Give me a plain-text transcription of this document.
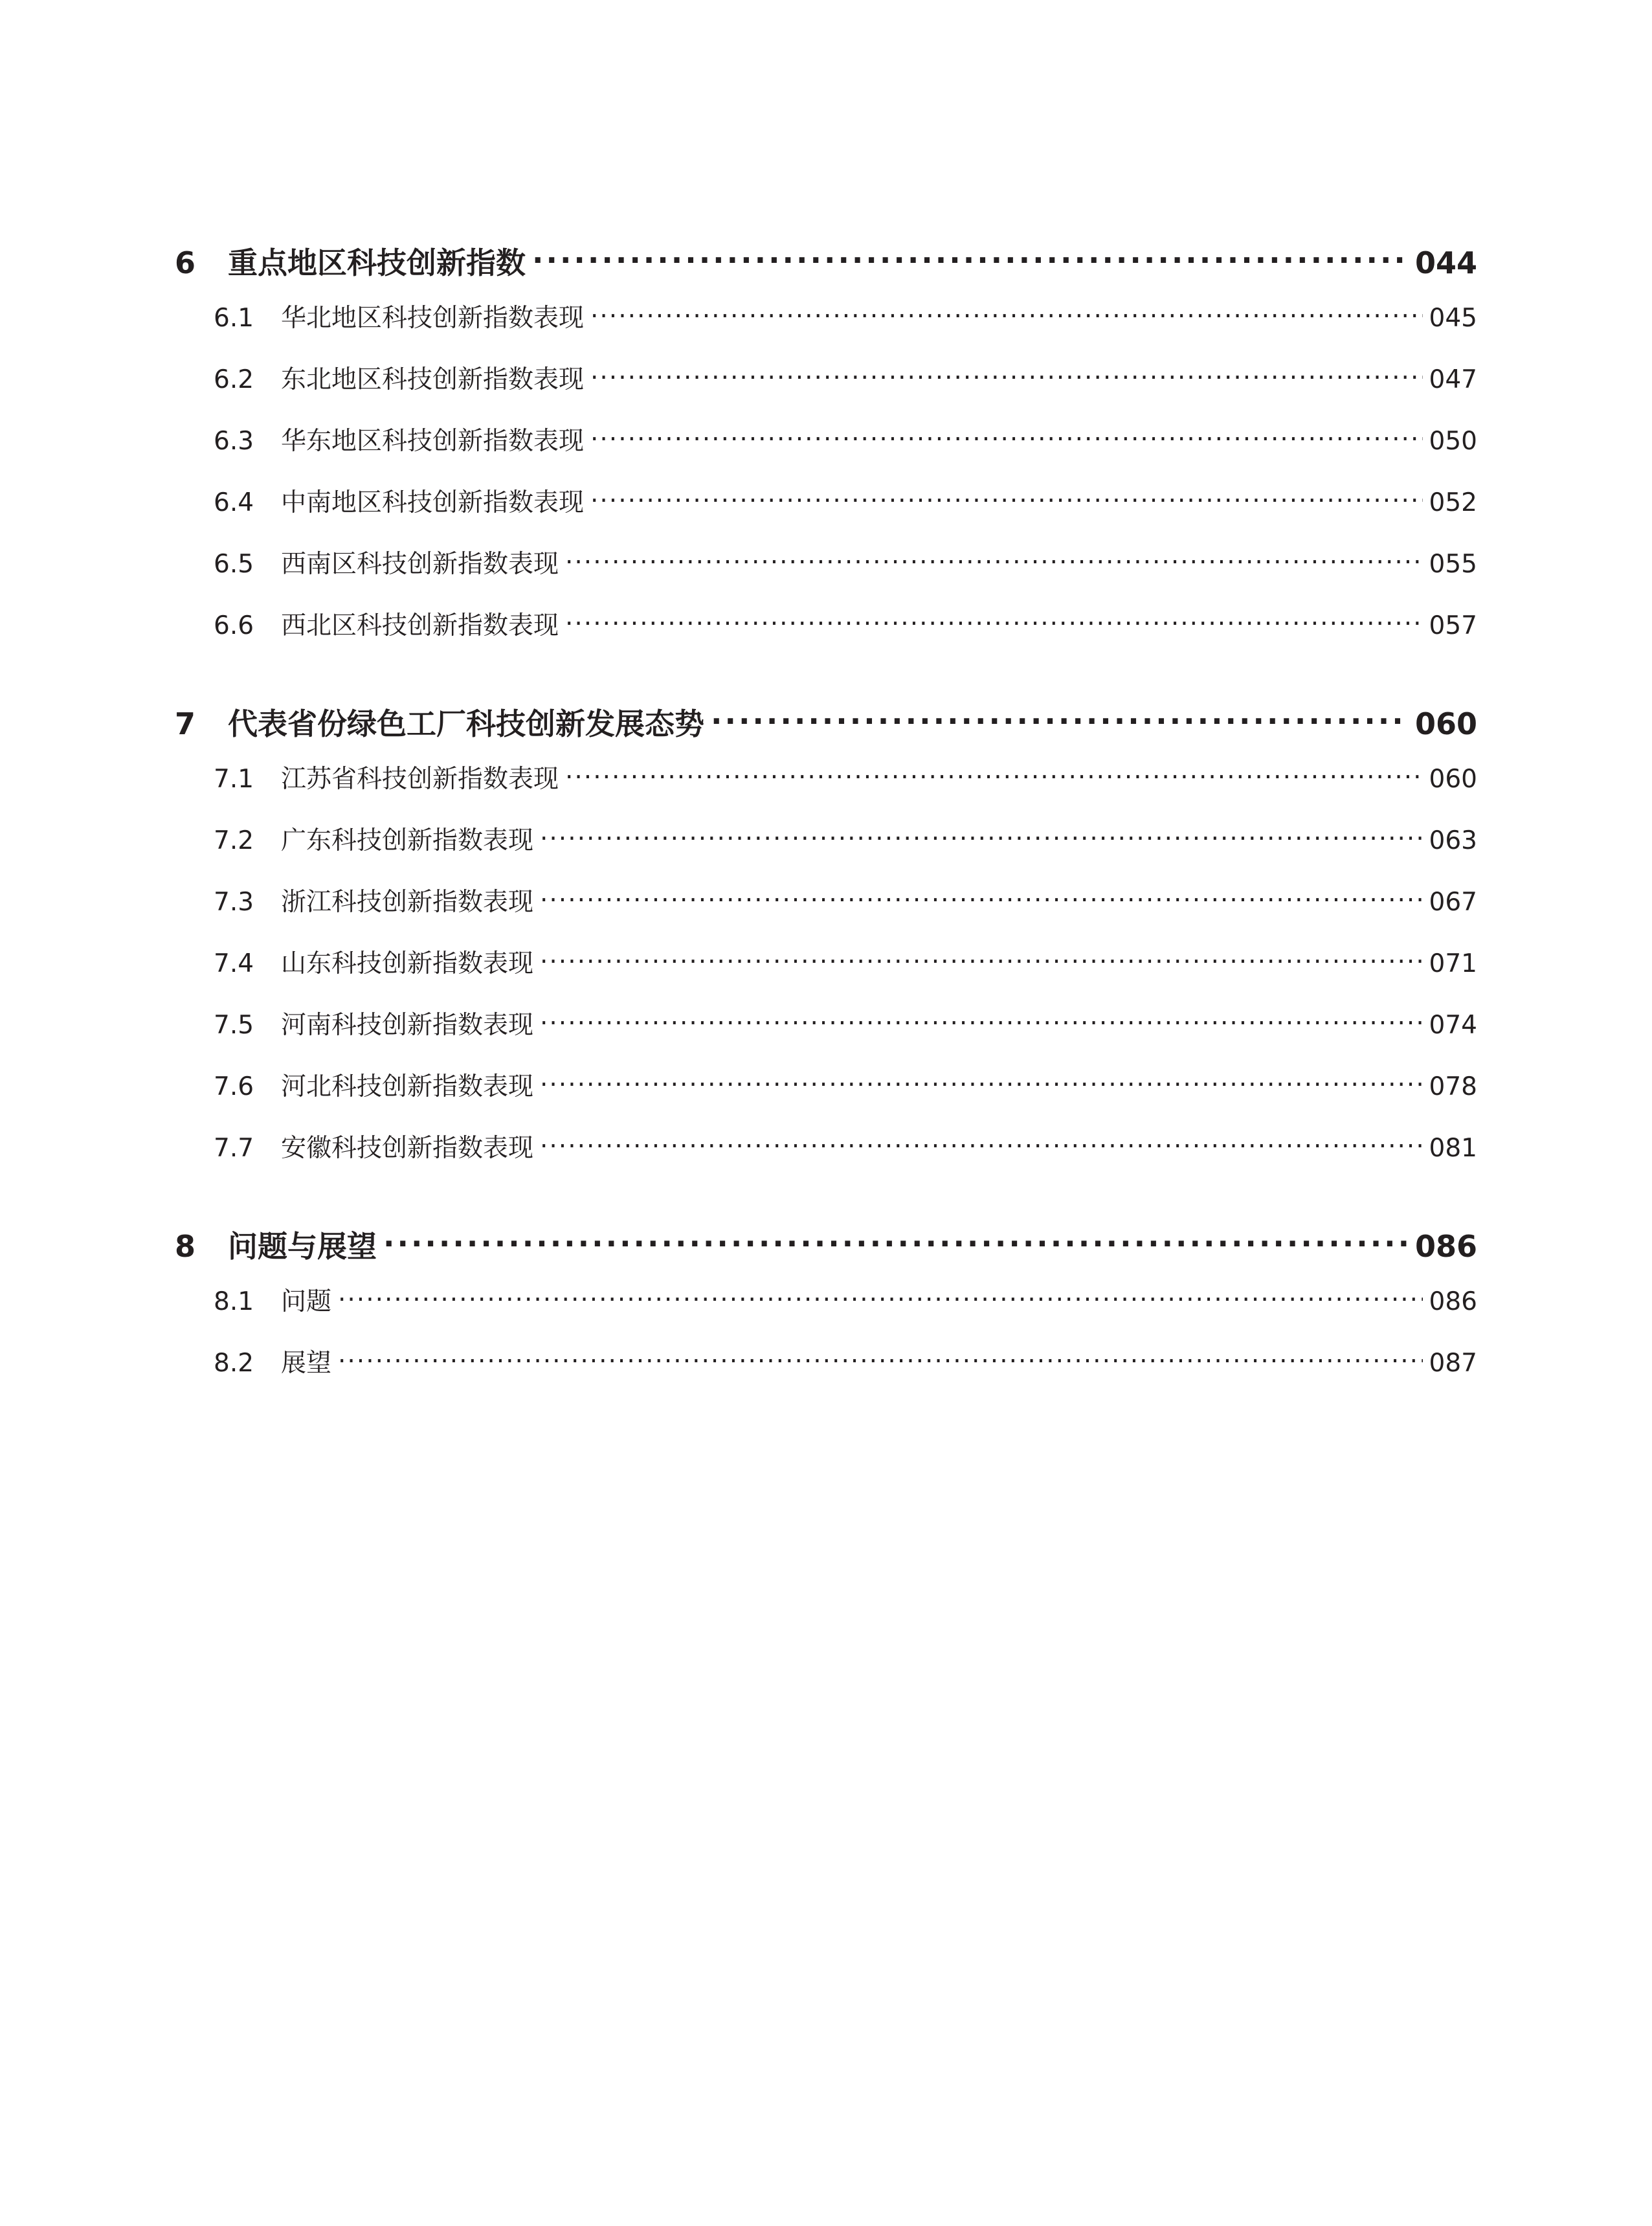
6	重点地区科技创新指数 .....	044
6.1	华北地区科技创新指数表现 .....	045
6.2	东北地区科技创新指数表现 .....	047
6.3	华东地区科技创新指数表现 .....	050
6.4	中南地区科技创新指数表现 .....	052
6.5	西南区科技创新指数表现 .....	055
6.6	西北区科技创新指数表现 .....	057
7	代表省份绿色工厂科技创新发展态势 .....	060
7.1	江苏省科技创新指数表现 .....	060
7.2	广东科技创新指数表现 .....	063
7.3	浙江科技创新指数表现 .....	067
7.4	山东科技创新指数表现 .....	071
7.5	河南科技创新指数表现 .....	074
7.6	河北科技创新指数表现 .....	078
7.7	安徽科技创新指数表现 .....	081
8	问题与展望 .....	086
8.1	问题 .....	086
8.2	展望 .....	087
